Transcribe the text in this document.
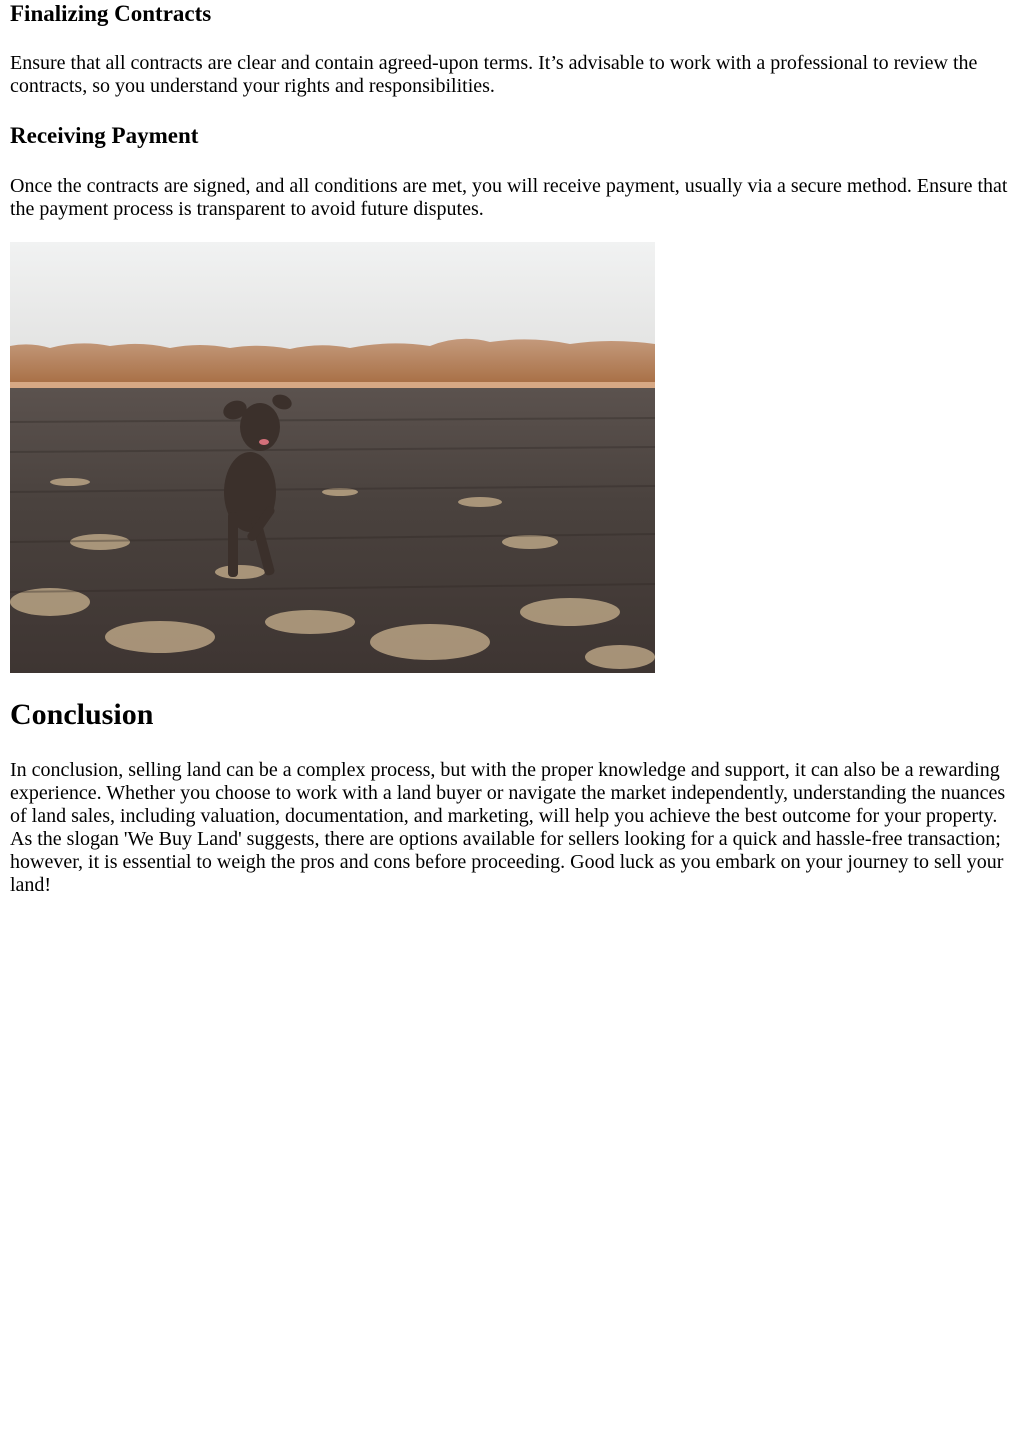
Finalizing Contracts

Ensure that all contracts are clear and contain agreed-upon terms. It’s advisable to work with a professional to review the contracts, so you understand your rights and responsibilities.

Receiving Payment

Once the contracts are signed, and all conditions are met, you will receive payment, usually via a secure method. Ensure that the payment process is transparent to avoid future disputes.

Conclusion

In conclusion, selling land can be a complex process, but with the proper knowledge and support, it can also be a rewarding experience. Whether you choose to work with a land buyer or navigate the market independently, understanding the nuances of land sales, including valuation, documentation, and marketing, will help you achieve the best outcome for your property. As the slogan 'We Buy Land' suggests, there are options available for sellers looking for a quick and hassle-free transaction; however, it is essential to weigh the pros and cons before proceeding. Good luck as you embark on your journey to sell your land!
